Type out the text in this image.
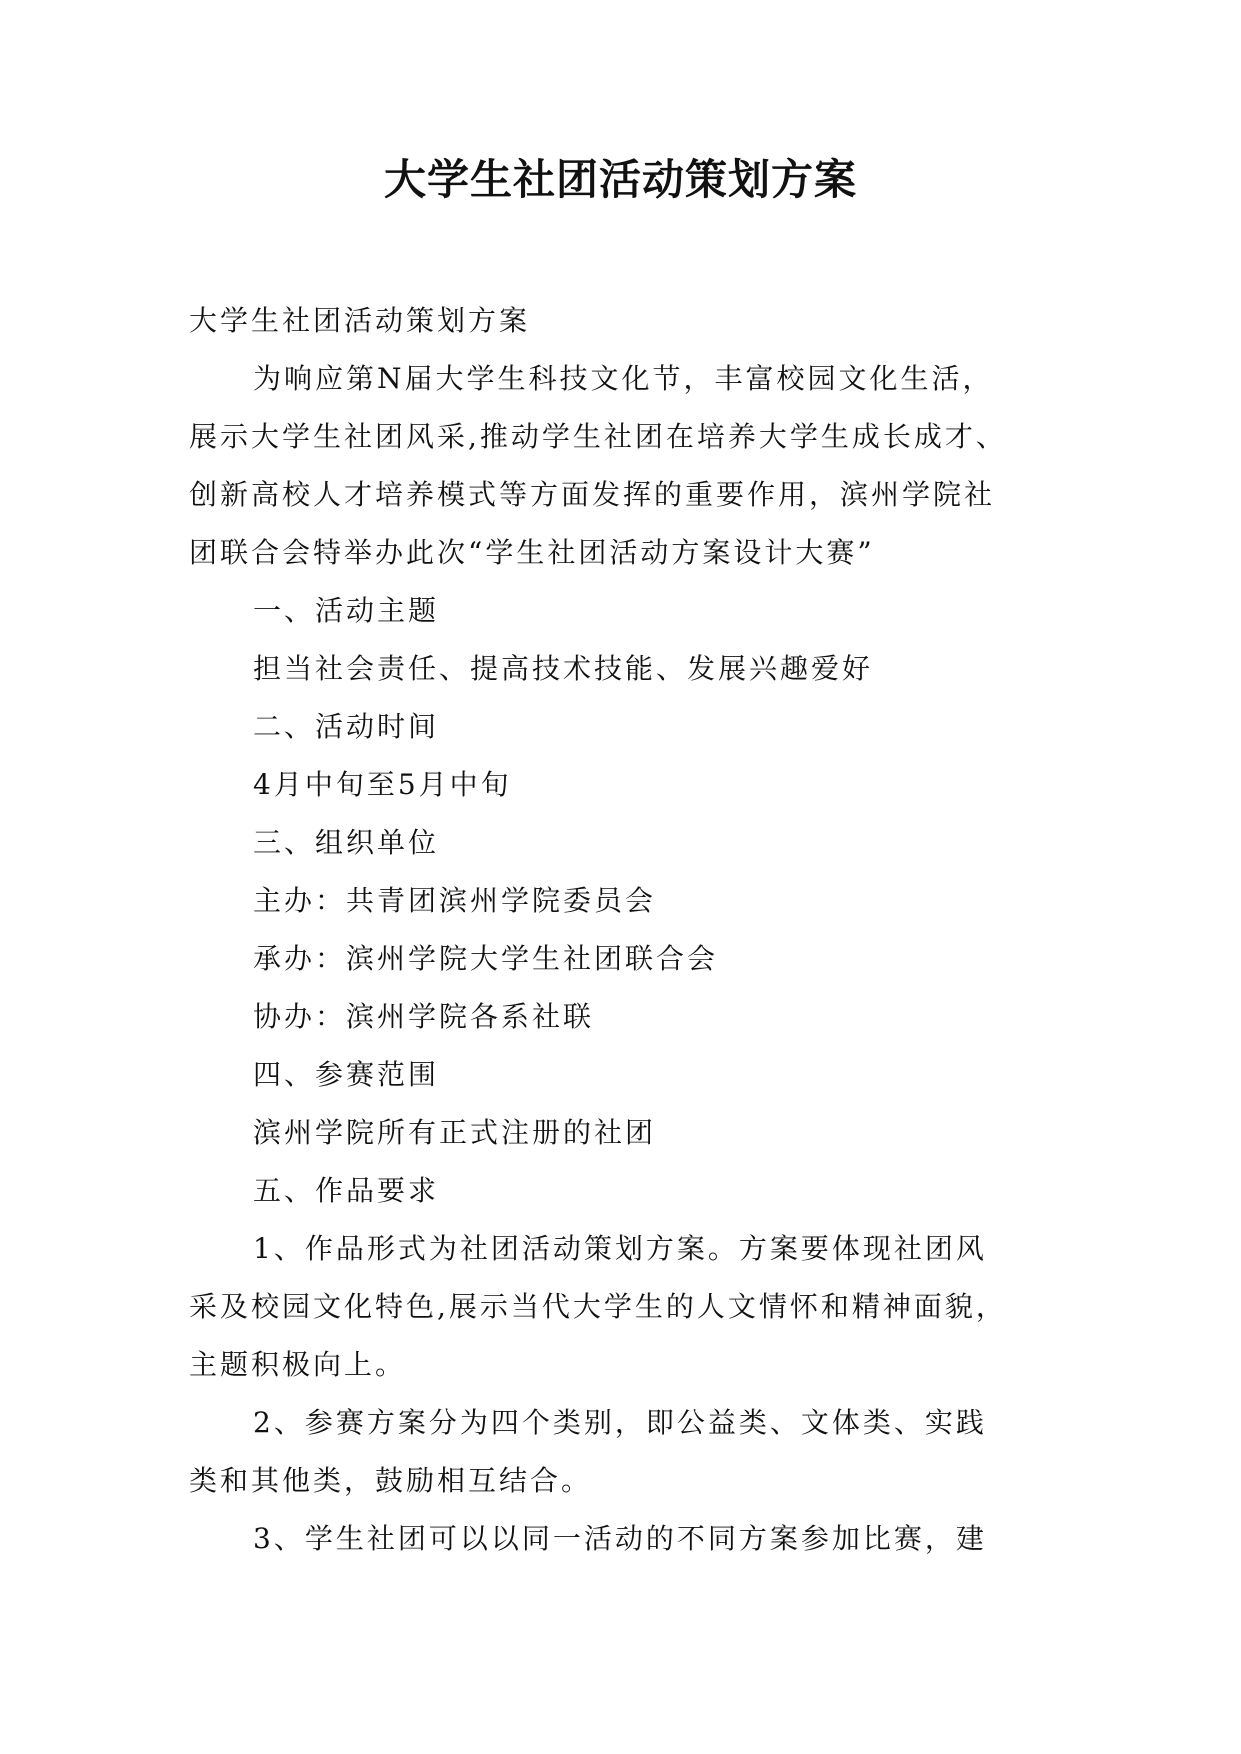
大学生社团活动策划方案
大学生社团活动策划方案
为响应第N届大学生科技文化节，丰富校园文化生活，
展示大学生社团风采,推动学生社团在培养大学生成长成才、
创新高校人才培养模式等方面发挥的重要作用，滨州学院社
团联合会特举办此次“学生社团活动方案设计大赛”
一、活动主题
担当社会责任、提高技术技能、发展兴趣爱好
二、活动时间
4月中旬至5月中旬
三、组织单位
主办：共青团滨州学院委员会
承办：滨州学院大学生社团联合会
协办：滨州学院各系社联
四、参赛范围
滨州学院所有正式注册的社团
五、作品要求
1、作品形式为社团活动策划方案。方案要体现社团风
采及校园文化特色,展示当代大学生的人文情怀和精神面貌，
主题积极向上。
2、参赛方案分为四个类别，即公益类、文体类、实践
类和其他类，鼓励相互结合。
3、学生社团可以以同一活动的不同方案参加比赛，建
